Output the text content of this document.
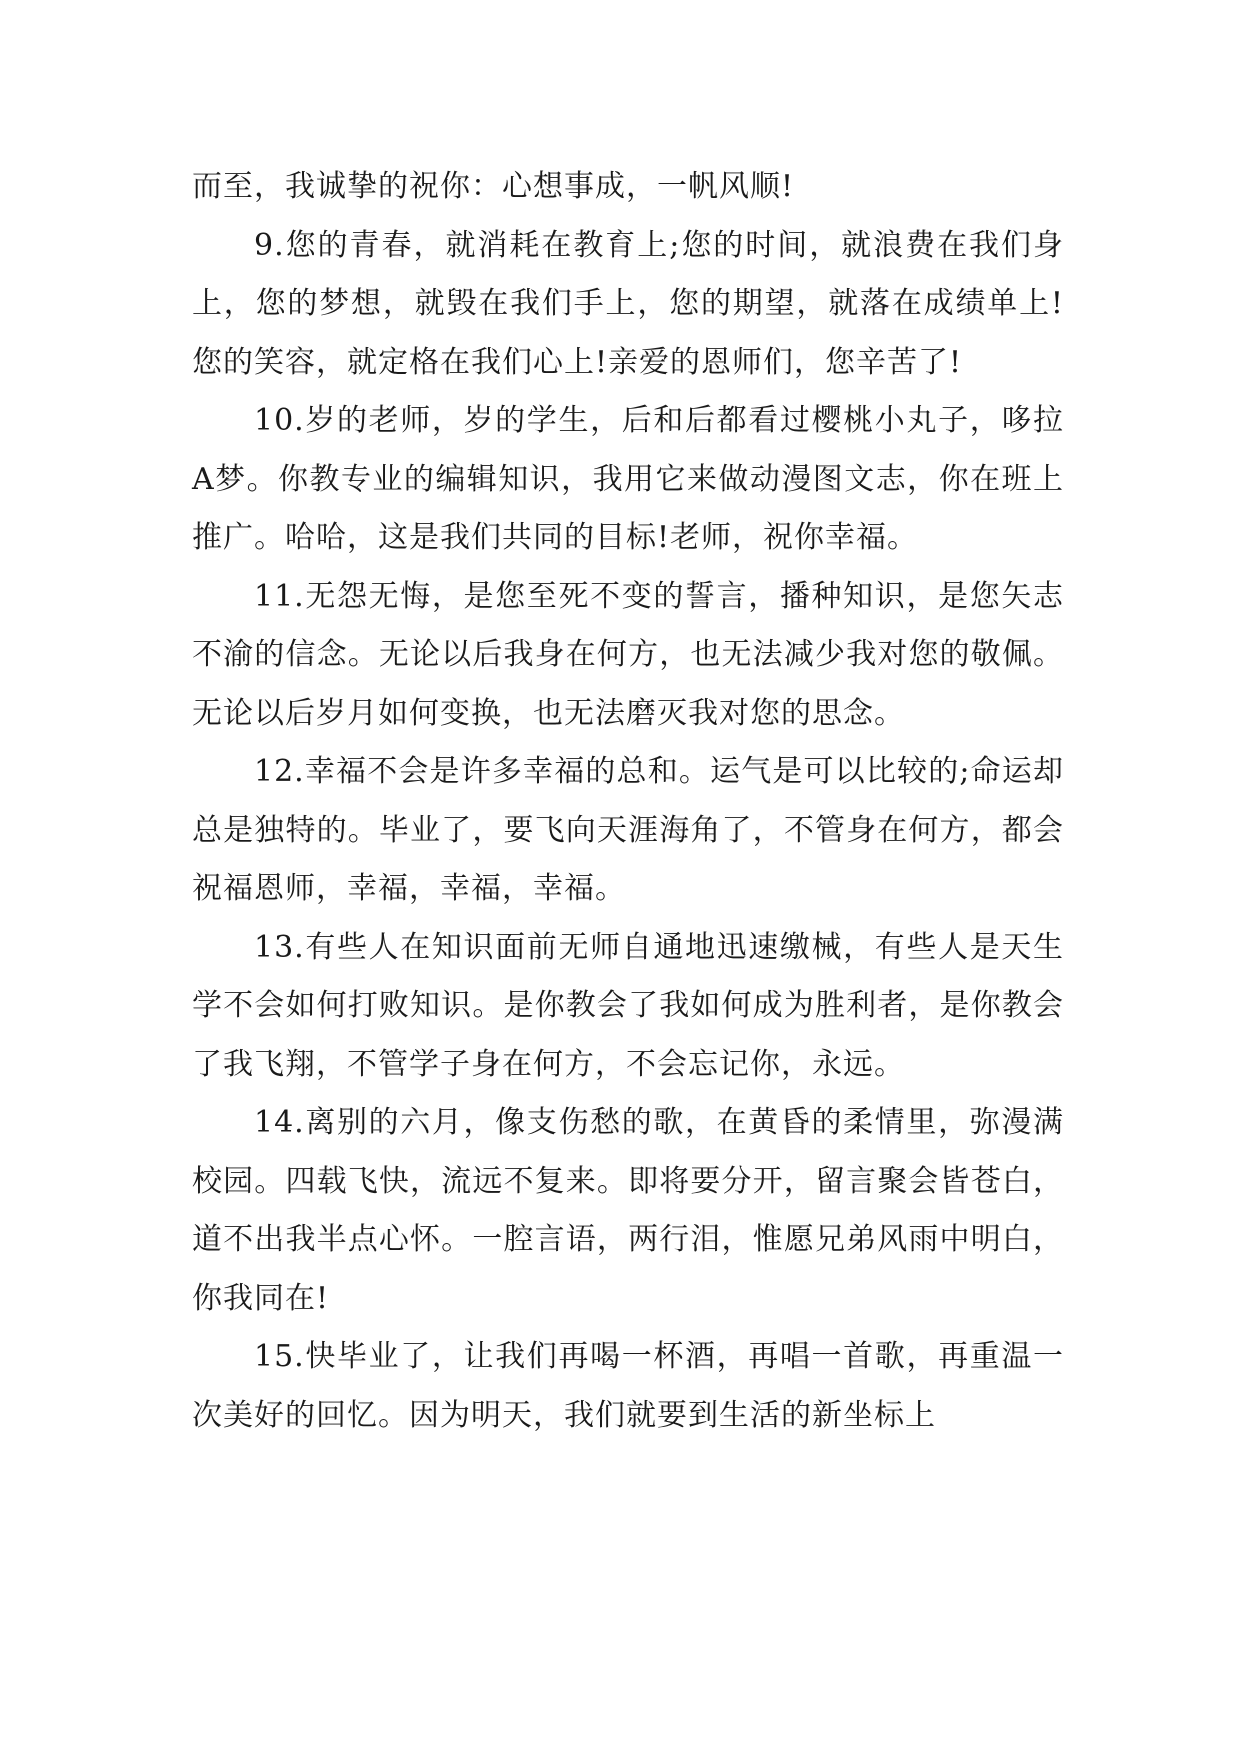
而至，我诚挚的祝你：心想事成，一帆风顺!

9.您的青春，就消耗在教育上;您的时间，就浪费在我们身上，您的梦想，就毁在我们手上，您的期望，就落在成绩单上!您的笑容，就定格在我们心上!亲爱的恩师们，您辛苦了!

10.岁的老师，岁的学生，后和后都看过樱桃小丸子，哆拉A梦。你教专业的编辑知识，我用它来做动漫图文志，你在班上推广。哈哈，这是我们共同的目标!老师，祝你幸福。

11.无怨无悔，是您至死不变的誓言，播种知识，是您矢志不渝的信念。无论以后我身在何方，也无法减少我对您的敬佩。无论以后岁月如何变换，也无法磨灭我对您的思念。

12.幸福不会是许多幸福的总和。运气是可以比较的;命运却总是独特的。毕业了，要飞向天涯海角了，不管身在何方，都会祝福恩师，幸福，幸福，幸福。

13.有些人在知识面前无师自通地迅速缴械，有些人是天生学不会如何打败知识。是你教会了我如何成为胜利者，是你教会了我飞翔，不管学子身在何方，不会忘记你，永远。

14.离别的六月，像支伤愁的歌，在黄昏的柔情里，弥漫满校园。四载飞快，流远不复来。即将要分开，留言聚会皆苍白，道不出我半点心怀。一腔言语，两行泪，惟愿兄弟风雨中明白，你我同在!

15.快毕业了，让我们再喝一杯酒，再唱一首歌，再重温一次美好的回忆。因为明天，我们就要到生活的新坐标上
